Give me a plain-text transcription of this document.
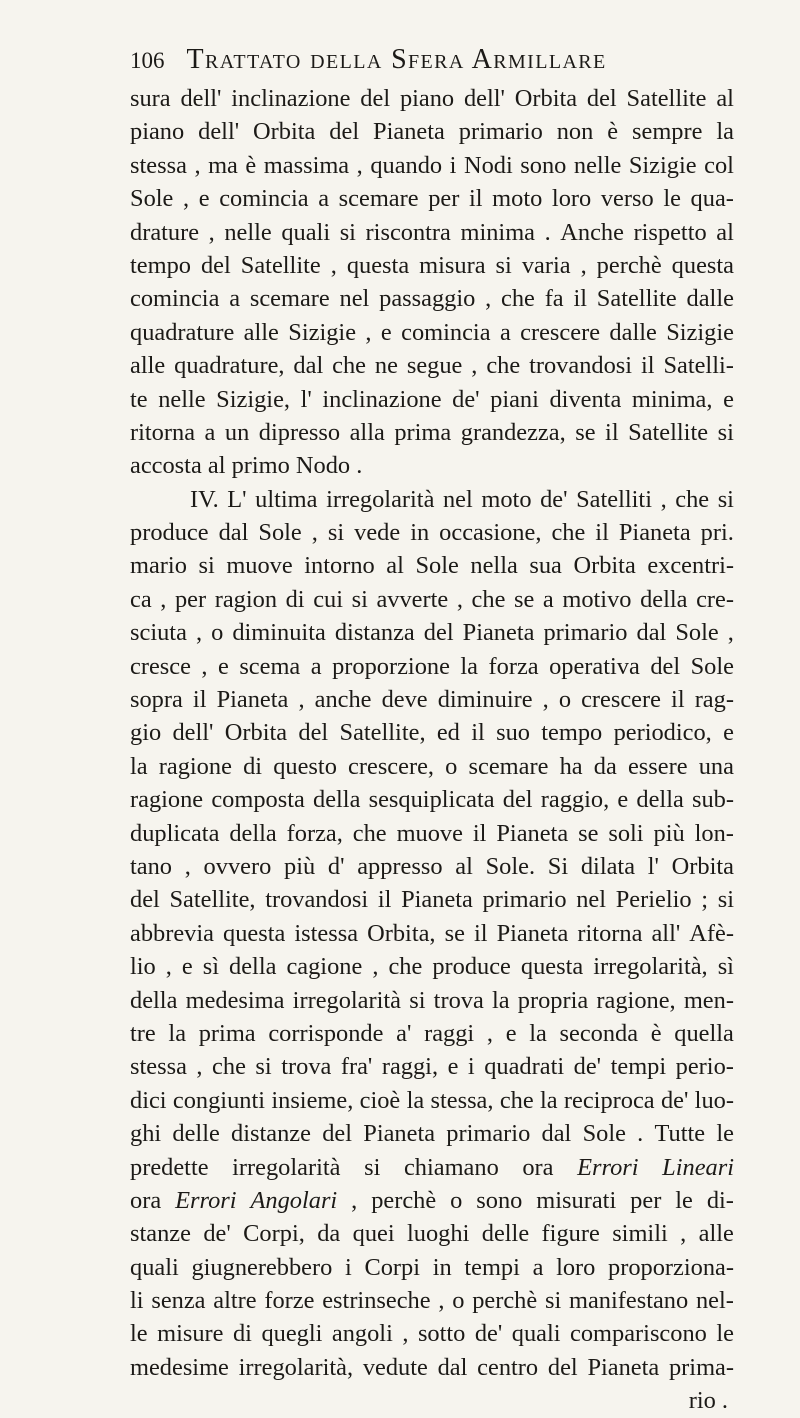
106 Trattato della Sfera Armillare
sura dell' inclinazione del piano dell' Orbita del Satellite al
piano dell' Orbita del Pianeta primario non è sempre la
stessa , ma è massima , quando i Nodi sono nelle Sizigie col
Sole , e comincia a scemare per il moto loro verso le qua-
drature , nelle quali si riscontra minima . Anche rispetto al
tempo del Satellite , questa misura si varia , perchè questa
comincia a scemare nel passaggio , che fa il Satellite dalle
quadrature alle Sizigie , e comincia a crescere dalle Sizigie
alle quadrature, dal che ne segue , che trovandosi il Satelli-
te nelle Sizigie, l' inclinazione de' piani diventa minima, e
ritorna a un dipresso alla prima grandezza, se il Satellite si
accosta al primo Nodo .
IV. L' ultima irregolarità nel moto de' Satelliti , che si
produce dal Sole , si vede in occasione, che il Pianeta pri.
mario si muove intorno al Sole nella sua Orbita excentri-
ca , per ragion di cui si avverte , che se a motivo della cre-
sciuta , o diminuita distanza del Pianeta primario dal Sole ,
cresce , e scema a proporzione la forza operativa del Sole
sopra il Pianeta , anche deve diminuire , o crescere il rag-
gio dell' Orbita del Satellite, ed il suo tempo periodico, e
la ragione di questo crescere, o scemare ha da essere una
ragione composta della sesquiplicata del raggio, e della sub-
duplicata della forza, che muove il Pianeta se soli più lon-
tano , ovvero più d' appresso al Sole. Si dilata l' Orbita
del Satellite, trovandosi il Pianeta primario nel Perielio ; si
abbrevia questa istessa Orbita, se il Pianeta ritorna all' Afè-
lio , e sì della cagione , che produce questa irregolarità, sì
della medesima irregolarità si trova la propria ragione, men-
tre la prima corrisponde a' raggi , e la seconda è quella
stessa , che si trova fra' raggi, e i quadrati de' tempi perio-
dici congiunti insieme, cioè la stessa, che la reciproca de' luo-
ghi delle distanze del Pianeta primario dal Sole . Tutte le
predette irregolarità si chiamano ora Errori Lineari
ora Errori Angolari , perchè o sono misurati per le di-
stanze de' Corpi, da quei luoghi delle figure simili , alle
quali giugnerebbero i Corpi in tempi a loro proporziona-
li senza altre forze estrinseche , o perchè si manifestano nel-
le misure di quegli angoli , sotto de' quali compariscono le
medesime irregolarità, vedute dal centro del Pianeta prima-
rio .
